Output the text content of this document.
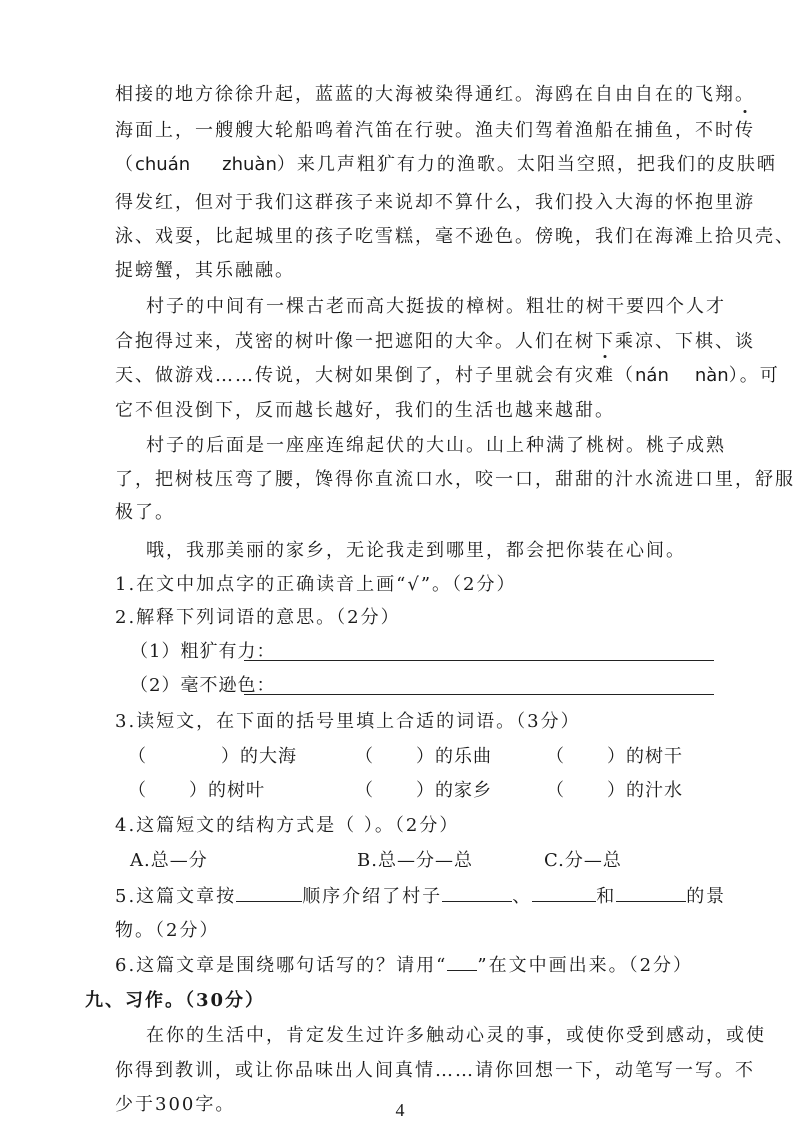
相接的地方徐徐升起，蓝蓝的大海被染得通红。海鸥在自由自在的飞翔。
海面上，一艘艘大轮船鸣着汽笛在行驶。渔夫们驾着渔船在捕鱼，不时传
（chuán zhuàn）来几声粗犷有力的渔歌。太阳当空照，把我们的皮肤晒
得发红，但对于我们这群孩子来说却不算什么，我们投入大海的怀抱里游
泳、戏耍，比起城里的孩子吃雪糕，毫不逊色。傍晚，我们在海滩上拾贝壳、
捉螃蟹，其乐融融。
村子的中间有一棵古老而高大挺拔的樟树。粗壮的树干要四个人才
合抱得过来，茂密的树叶像一把遮阳的大伞。人们在树下乘凉、下棋、谈
天、做游戏……传说，大树如果倒了，村子里就会有灾难（nán nàn）。可
它不但没倒下，反而越长越好，我们的生活也越来越甜。
村子的后面是一座座连绵起伏的大山。山上种满了桃树。桃子成熟
了，把树枝压弯了腰，馋得你直流口水，咬一口，甜甜的汁水流进口里，舒服
极了。
哦，我那美丽的家乡，无论我走到哪里，都会把你装在心间。
1.在文中加点字的正确读音上画“√”。（2分）
2.解释下列词语的意思。（2分）
（1）粗犷有力：
（2）毫不逊色：
3.读短文，在下面的括号里填上合适的词语。（3分）
（	）的大海	（ ）的乐曲	（ ）的树干
（ ）的树叶	（ ）的家乡	（ ）的汁水
4.这篇短文的结构方式是（ ）。（2分）
A.总—分	B.总—分—总	C.分—总
5.这篇文章按	顺序介绍了村子	、	和	的景
物。（2分）
6.这篇文章是围绕哪句话写的？请用“ ”在文中画出来。（2分）
九、习作。（30分）
在你的生活中，肯定发生过许多触动心灵的事，或使你受到感动，或使
你得到教训，或让你品味出人间真情……请你回想一下，动笔写一写。不
少于300字。	4
